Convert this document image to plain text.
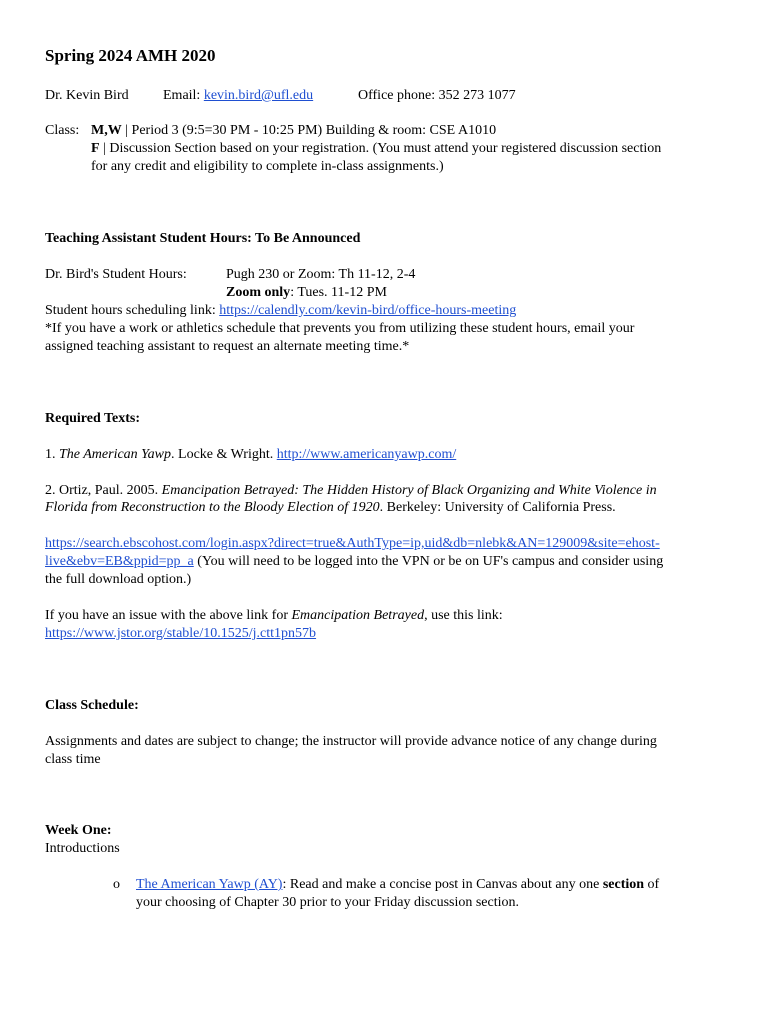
Spring 2024 AMH 2020
Dr. Kevin Bird Email: kevin.bird@ufl.edu	Office phone: 352 273 1077
Class: M,W | Period 3 (9:5=30 PM - 10:25 PM) Building & room: CSE A1010
F | Discussion Section based on your registration. (You must attend your registered discussion section
for any credit and eligibility to complete in-class assignments.)
Teaching Assistant Student Hours: To Be Announced
Dr. Bird's Student Hours:	Pugh 230 or Zoom: Th 11-12, 2-4
Zoom only: Tues. 11-12 PM
Student hours scheduling link: https://calendly.com/kevin-bird/office-hours-meeting
*If you have a work or athletics schedule that prevents you from utilizing these student hours, email your
assigned teaching assistant to request an alternate meeting time.*
Required Texts:
1. The American Yawp. Locke & Wright. http://www.americanyawp.com/
2. Ortiz, Paul. 2005. Emancipation Betrayed: The Hidden History of Black Organizing and White Violence in
Florida from Reconstruction to the Bloody Election of 1920. Berkeley: University of California Press.
https://search.ebscohost.com/login.aspx?direct=true&AuthType=ip,uid&db=nlebk&AN=129009&site=ehost-
live&ebv=EB&ppid=pp_a (You will need to be logged into the VPN or be on UF's campus and consider using
the full download option.)
If you have an issue with the above link for Emancipation Betrayed, use this link:
https://www.jstor.org/stable/10.1525/j.ctt1pn57b
Class Schedule:
Assignments and dates are subject to change; the instructor will provide advance notice of any change during
class time
Week One:
Introductions
o The American Yawp (AY): Read and make a concise post in Canvas about any one section of
your choosing of Chapter 30 prior to your Friday discussion section.
